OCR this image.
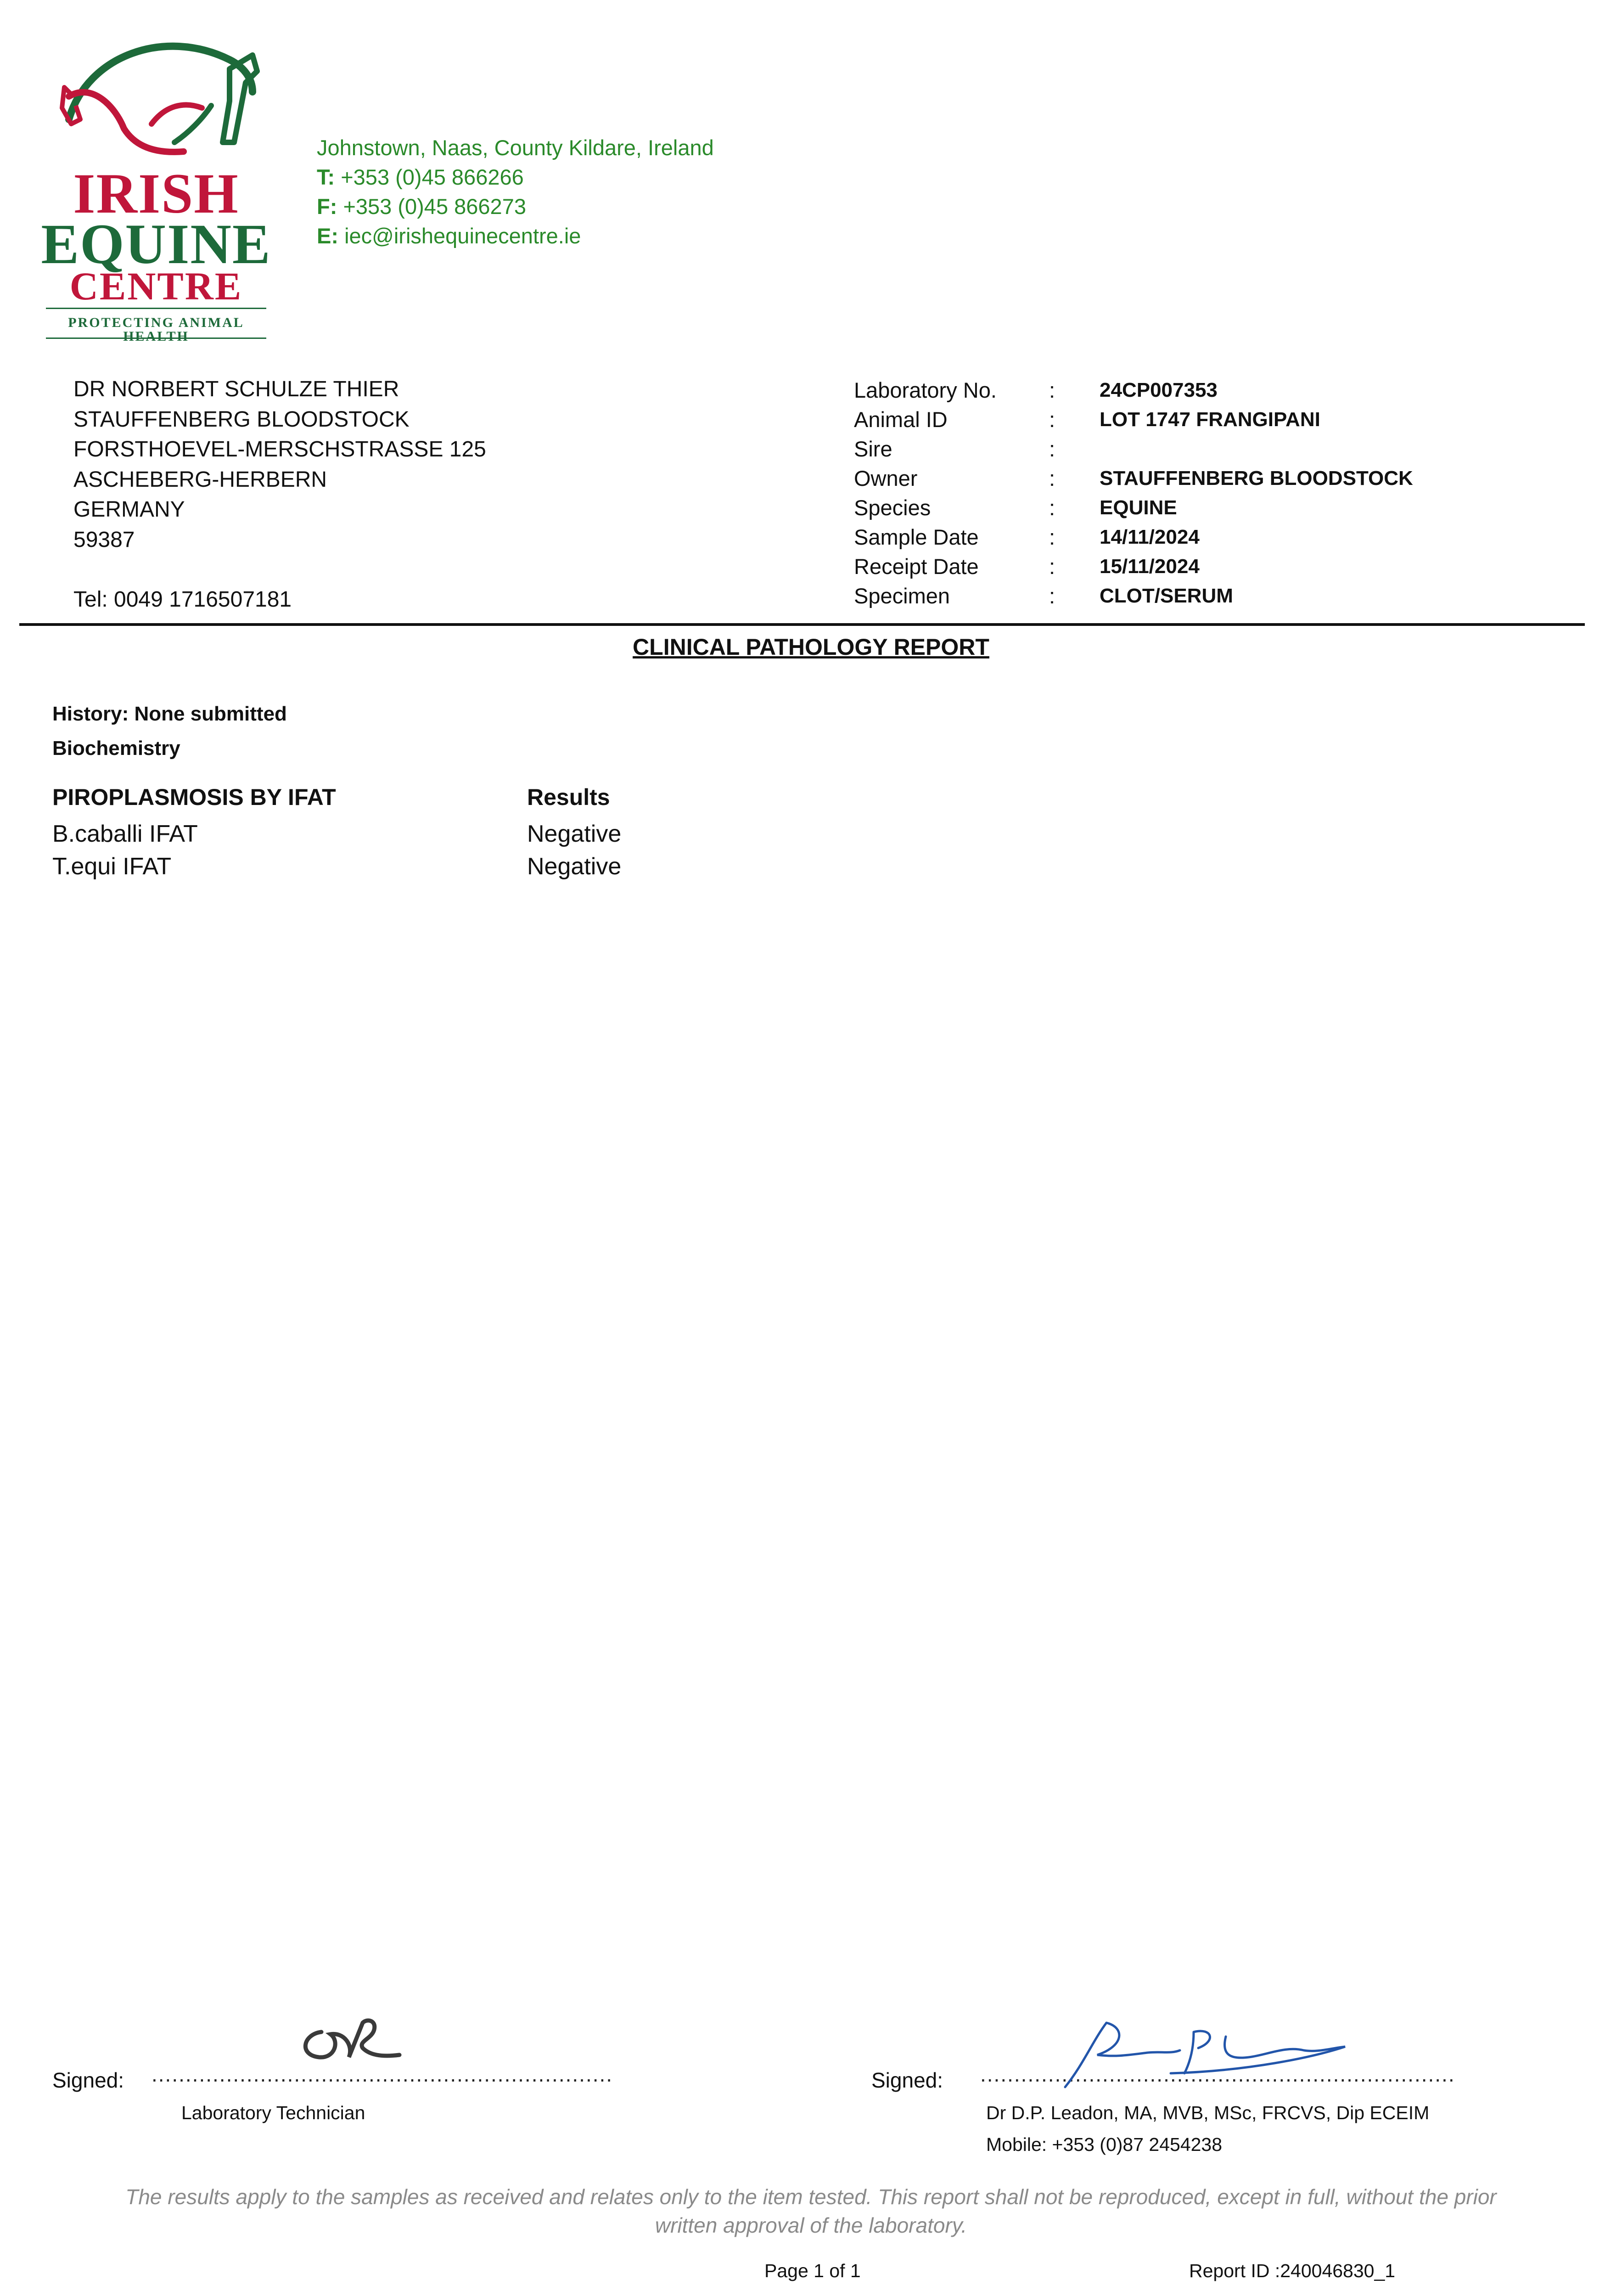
IRISH
EQUINE
CENTRE
PROTECTING ANIMAL HEALTH
Johnstown, Naas, County Kildare, Ireland
T: +353 (0)45 866266
F: +353 (0)45 866273
E: iec@irishequinecentre.ie
DR NORBERT SCHULZE THIER
STAUFFENBERG BLOODSTOCK
FORSTHOEVEL-MERSCHSTRASSE 125
ASCHEBERG-HERBERN
GERMANY
59387
Tel: 0049 1716507181
Laboratory No. : 24CP007353
Animal ID	: LOT 1747 FRANGIPANI
Sire	:
Owner	: STAUFFENBERG BLOODSTOCK
Species	: EQUINE
Sample Date	: 14/11/2024
Receipt Date	: 15/11/2024
Specimen	: CLOT/SERUM
CLINICAL PATHOLOGY REPORT
History: None submitted
Biochemistry
PIROPLASMOSIS BY IFAT	Results
B.caballi IFAT	Negative
T.equi IFAT	Negative
Signed: ....................................................................
Laboratory Technician
Signed: ......................................................................
Dr D.P. Leadon, MA, MVB, MSc, FRCVS, Dip ECEIM
Mobile: +353 (0)87 2454238
The results apply to the samples as received and relates only to the item tested. This report shall not be reproduced, except in full, without the prior written approval of the laboratory.
Page 1 of 1	Report ID :240046830_1
